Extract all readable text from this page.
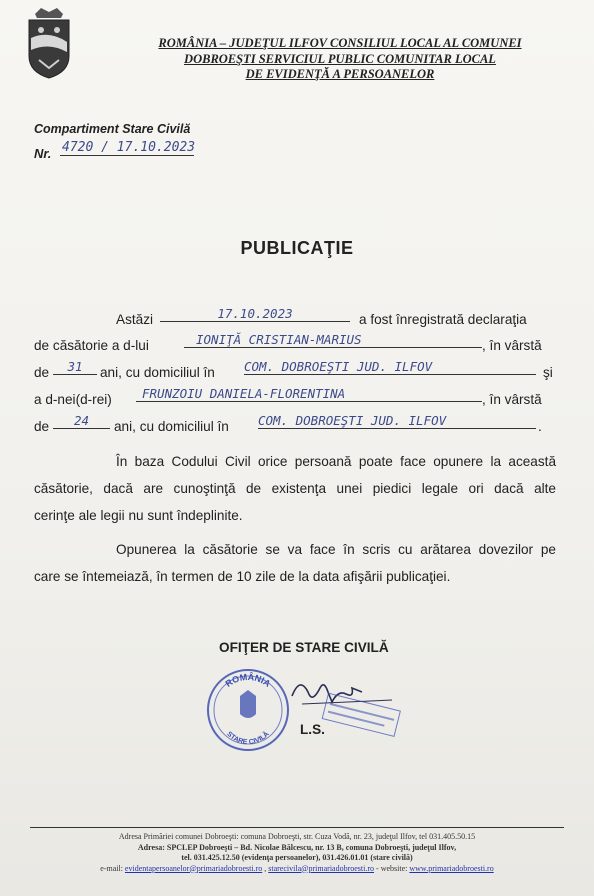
ROMÂNIA – JUDEŢUL ILFOV CONSILIUL LOCAL AL COMUNEI
DOBROEŞTI SERVICIUL PUBLIC COMUNITAR LOCAL
DE EVIDENŢĂ A PERSOANELOR
Compartiment Stare Civilă
Nr. 4720 / 17.10.2023
PUBLICAŢIE
Astăzi	17.10.2023	a fost înregistrată declaraţia
de căsătorie a d-lui	IONIŢĂ CRISTIAN-MARIUS	, în vârstă
de	31	ani, cu domiciliul în COM. DOBROEŞTI JUD. ILFOV	şi
a d-nei(d-rei)	FRUNZOIU DANIELA-FLORENTINA	, în vârstă
de	24	ani, cu domiciliul în COM. DOBROEŞTI JUD. ILFOV	.
În baza Codului Civil orice persoană poate face opunere la această
căsătorie, dacă are cunoştinţă de existenţa unei piedici legale ori dacă alte
cerinţe ale legii nu sunt îndeplinite.
Opunerea la căsătorie se va face în scris cu arătarea dovezilor pe
care se întemeiază, în termen de 10 zile de la data afişării publicaţiei.
OFIŢER DE STARE CIVILĂ
ROMÂNIA
STARE CIVILĂ L.S.
Adresa Primăriei comunei Dobroeşti: comuna Dobroeşti, str. Cuza Vodă, nr. 23, judeţul Ilfov, tel 031.405.50.15
Adresa: SPCLEP Dobroeşti – Bd. Nicolae Bălcescu, nr. 13 B, comuna Dobroeşti, judeţul Ilfov,
tel. 031.425.12.50 (evidenţa persoanelor), 031.426.01.01 (stare civilă)
e-mail: evidentapersoanelor@primariadobroesti.ro , starecivila@primariadobroesti.ro - website: www.primariadobroesti.ro
